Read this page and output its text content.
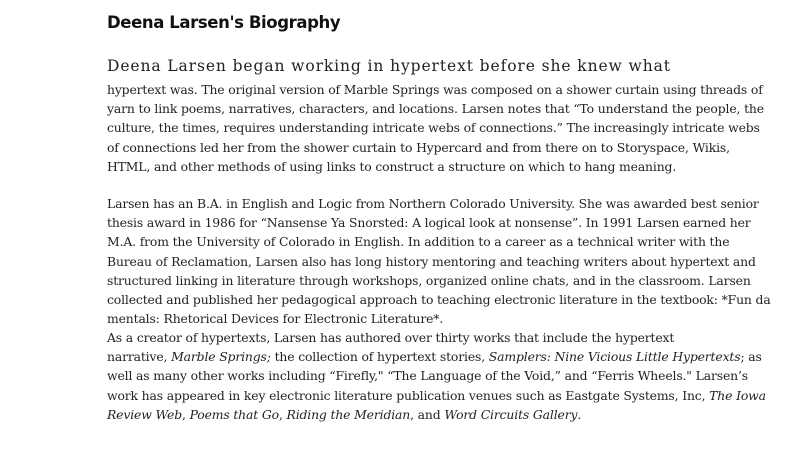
Deena Larsen's Biography
Deena Larsen began working in hypertext before she knew what
hypertext was. The original version of Marble Springs was composed on a shower curtain using threads of
yarn to link poems, narratives, characters, and locations. Larsen notes that “To understand the people, the
culture, the times, requires understanding intricate webs of connections.” The increasingly intricate webs
of connections led her from the shower curtain to Hypercard and from there on to Storyspace, Wikis,
HTML, and other methods of using links to construct a structure on which to hang meaning.
Larsen has an B.A. in English and Logic from Northern Colorado University. She was awarded best senior
thesis award in 1986 for “Nansense Ya Snorsted: A logical look at nonsense”. In 1991 Larsen earned her
M.A. from the University of Colorado in English. In addition to a career as a technical writer with the
Bureau of Reclamation, Larsen also has long history mentoring and teaching writers about hypertext and
structured linking in literature through workshops, organized online chats, and in the classroom. Larsen
collected and published her pedagogical approach to teaching electronic literature in the textbook: *Fun da
mentals: Rhetorical Devices for Electronic Literature*.
As a creator of hypertexts, Larsen has authored over thirty works that include the hypertext
narrative, Marble Springs; the collection of hypertext stories, Samplers: Nine Vicious Little Hypertexts; as
well as many other works including “Firefly," “The Language of the Void,” and “Ferris Wheels." Larsen’s
work has appeared in key electronic literature publication venues such as Eastgate Systems, Inc, The Iowa
Review Web, Poems that Go, Riding the Meridian, and Word Circuits Gallery.
